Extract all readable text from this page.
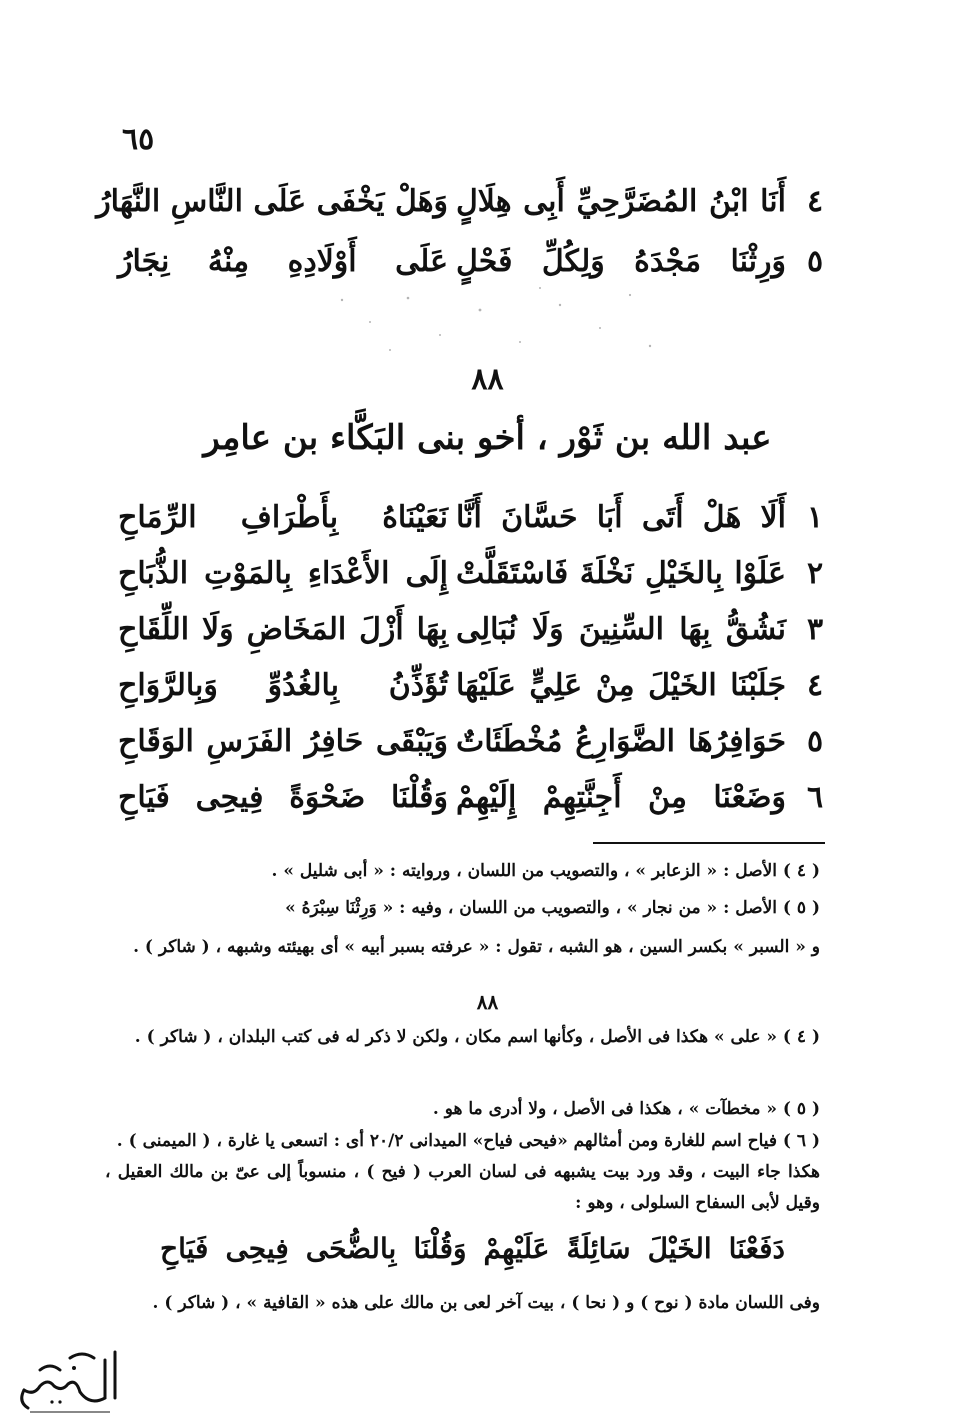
٦٥
٤
أَنَا ابْنُ المُضَرَّحِيِّ أَبِى هِلَالٍ
وَهَلْ يَخْفَى عَلَى النَّاسِ النَّهَارُ
٥
وَرِثْنَا مَجْدَهُ وَلِكُلِّ فَحْلٍ
عَلَى أَوْلَادِهِ مِنْهُ نِجَارُ
٨٨
عبد الله بن ثَوْر ، أخو بنى البَكَّاء بن عامِر
١
أَلَا هَلْ أَتَى أَبَا حَسَّانَ أَنَّا
نَعَيْنَاهُ بِأَطْرَافِ الرِّمَاحِ
٢
عَلَوْا بِالخَيْلِ نَخْلَةَ فَاسْتَقَلَّتْ
إِلَى الأَعْدَاءِ بِالمَوْتِ الذُّبَاحِ
٣
نَشُقُّ بِهَا السِّنِينَ وَلَا نُبَالِى
بِهَا أَزْلَ المَخَاضِ وَلَا اللِّقَاحِ
٤
جَلَبْنَا الخَيْلَ مِنْ عَلِيٍّ عَلَيْهَا
تُؤَذِّنُ بِالغُدُوِّ وَبِالرَّوَاحِ
٥
حَوَافِرُهَا الضَّوَارِعُ مُخْطَئَاتٌ
وَيَبْقَى حَافِرُ الفَرَسِ الوَقَاحِ
٦
وَضَعْنَا مِنْ أَجِنَّتِهِمْ إِلَيْهِمْ
وَقُلْنَا ضَحْوَةً فِيحِى فَيَاحِ
( ٤ ) الأصل : « الزعابر » ، والتصويب من اللسان ، وروايته : « أبى شليل » .
( ٥ ) الأصل : « من نجار » ، والتصويب من اللسان ، وفيه : « وَرِثْنَا سِبْرَهُ »
و « السبر » بكسر السين ، هو الشبه ، تقول : « عرفته بسبر أبيه » أى بهيئته وشبهه ، ( شاكر ) .
٨٨
( ٤ ) « على » هكذا فى الأصل ، وكأنها اسم مكان ، ولكن لا ذكر له فى كتب البلدان ، ( شاكر ) .
( ٥ ) « مخطآت » ، هكذا فى الأصل ، ولا أدرى ما هو .
( ٦ ) فياح اسم للغارة ومن أمثالهم «فيحى فياح» الميدانى ٢٠/٢ أى : اتسعى يا غارة ، ( الميمنى ) .
هكذا جاء البيت ، وقد ورد بيت يشبهه فى لسان العرب ( فيح ) ، منسوباً إلى عىّ بن مالك العقيل ، وقيل لأبى السفاح السلولى ، وهو :
دَفَعْنَا الخَيْلَ سَائِلَةً عَلَيْهِمْ وَقُلْنَا بِالضُّحَى فِيحِى فَيَاحِ
وفى اللسان مادة ( نوح ) و ( نحا ) ، بيت آخر لعى بن مالك على هذه « القافية » ، ( شاكر ) .
